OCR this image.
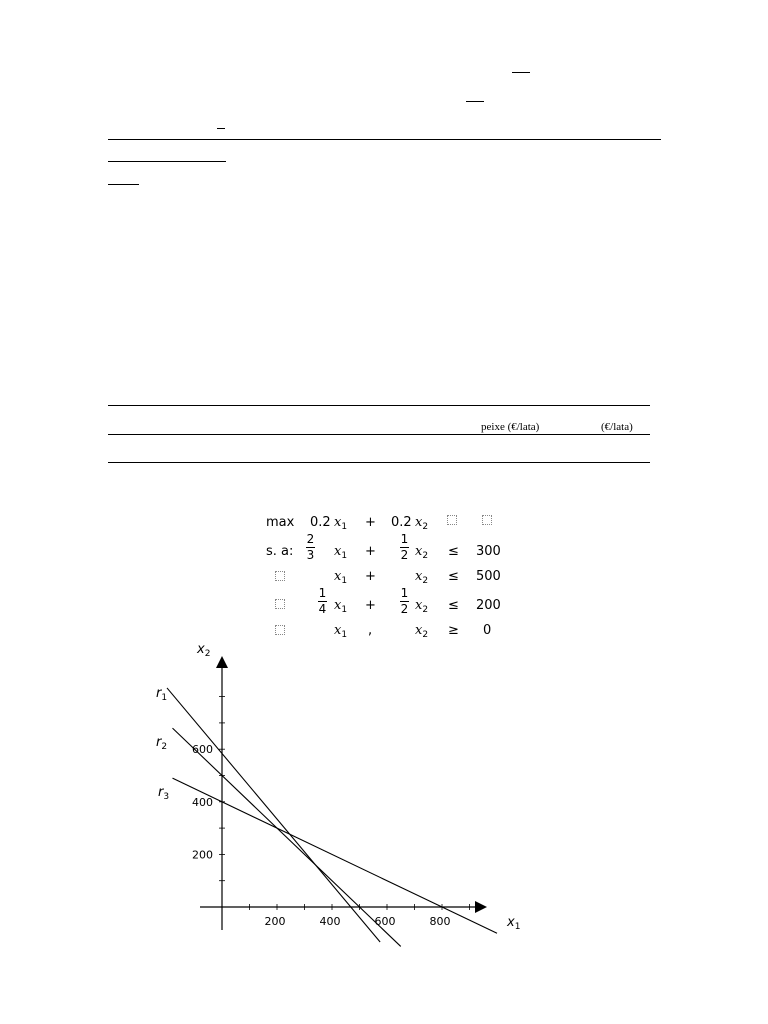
peixe (€/lata)	(€/lata)
max 0.2 $x_1 + 0.2$ $x_2$
s. a:
2
3 $x_1$ +
1
2 $x_2 \le 300$
$x_1$ +	$x_2 \le 500$
1
4 $x_1$ +
1
2 $x_2 \le 200$
$x_1$ ,	$x_2 \ge 0$
200	400	600	800
200
400
600
$x_1$
$x_2$
$r_1$
$r_2$
$r_3$
